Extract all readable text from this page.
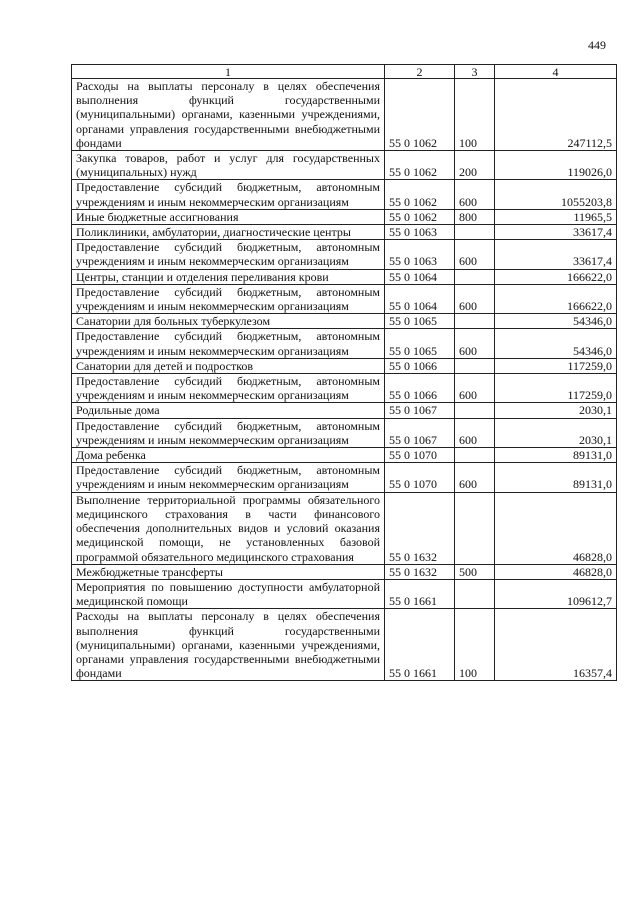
449
1	2	3	4
Расходы на выплаты персоналу в целях обеспечения выполнения функций государственными (муниципальными) органами, казенными учреждениями, органами управления государственными внебюджетными фондами	55 0 1062	100	247112,5
Закупка товаров, работ и услуг для государственных (муниципальных) нужд	55 0 1062	200	119026,0
Предоставление субсидий бюджетным, автономным учреждениям и иным некоммерческим организациям	55 0 1062	600	1055203,8
Иные бюджетные ассигнования	55 0 1062	800	11965,5
Поликлиники, амбулатории, диагностические центры	55 0 1063		33617,4
Предоставление субсидий бюджетным, автономным учреждениям и иным некоммерческим организациям	55 0 1063	600	33617,4
Центры, станции и отделения переливания крови	55 0 1064		166622,0
Предоставление субсидий бюджетным, автономным учреждениям и иным некоммерческим организациям	55 0 1064	600	166622,0
Санатории для больных туберкулезом	55 0 1065		54346,0
Предоставление субсидий бюджетным, автономным учреждениям и иным некоммерческим организациям	55 0 1065	600	54346,0
Санатории для детей и подростков	55 0 1066		117259,0
Предоставление субсидий бюджетным, автономным учреждениям и иным некоммерческим организациям	55 0 1066	600	117259,0
Родильные дома	55 0 1067		2030,1
Предоставление субсидий бюджетным, автономным учреждениям и иным некоммерческим организациям	55 0 1067	600	2030,1
Дома ребенка	55 0 1070		89131,0
Предоставление субсидий бюджетным, автономным учреждениям и иным некоммерческим организациям	55 0 1070	600	89131,0
Выполнение территориальной программы обязательного медицинского страхования в части финансового обеспечения дополнительных видов и условий оказания медицинской помощи, не установленных базовой программой обязательного медицинского страхования	55 0 1632		46828,0
Межбюджетные трансферты	55 0 1632	500	46828,0
Мероприятия по повышению доступности амбулаторной медицинской помощи	55 0 1661		109612,7
Расходы на выплаты персоналу в целях обеспечения выполнения функций государственными (муниципальными) органами, казенными учреждениями, органами управления государственными внебюджетными фондами	55 0 1661	100	16357,4
